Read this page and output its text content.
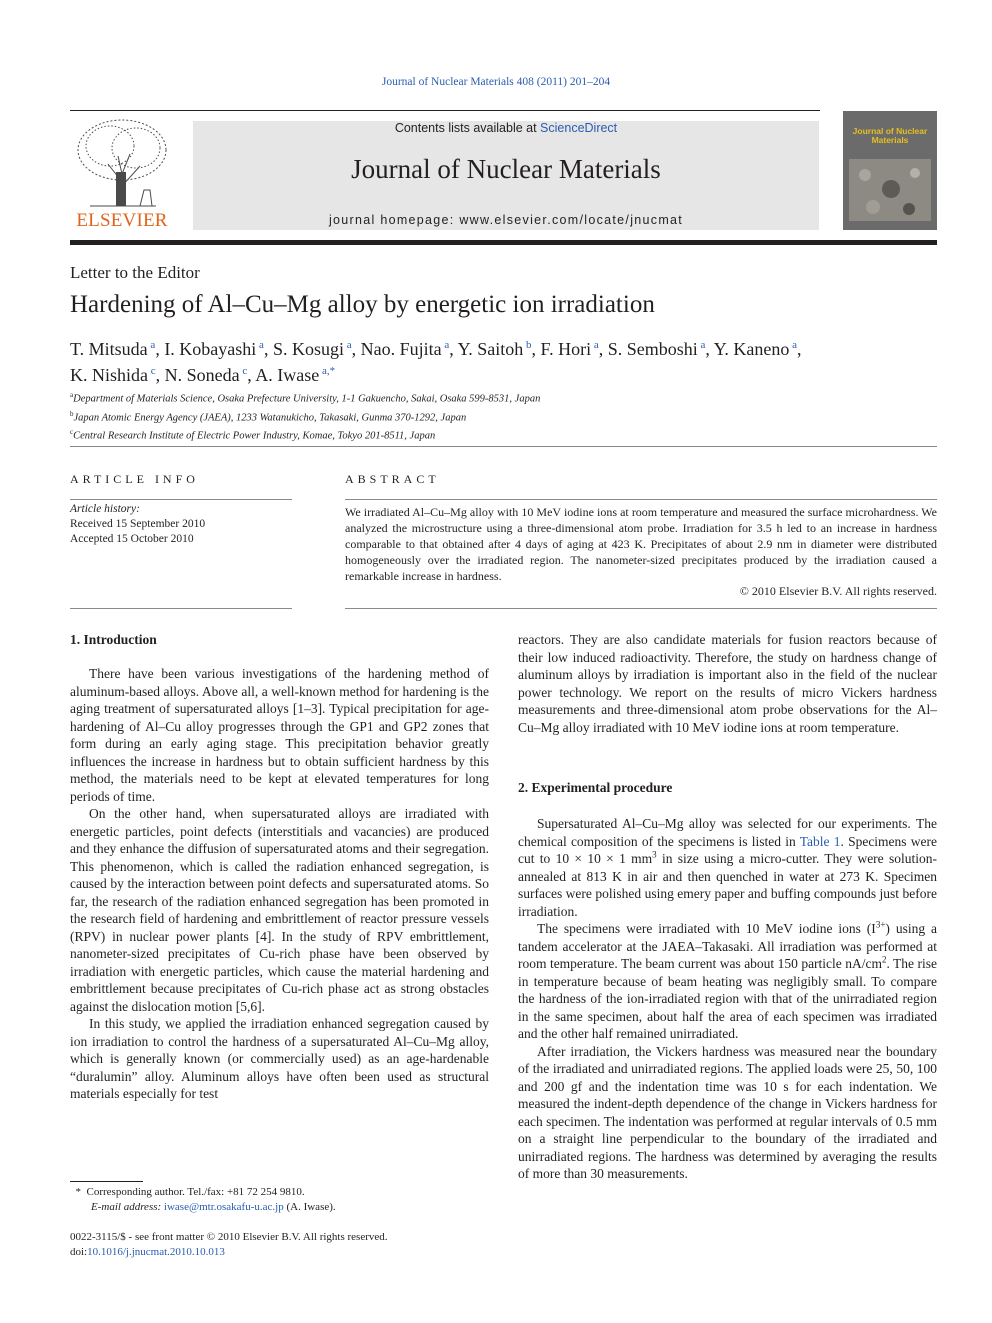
Journal of Nuclear Materials 408 (2011) 201–204
ELSEVIER
Contents lists available at ScienceDirect
Journal of Nuclear Materials
journal homepage: www.elsevier.com/locate/jnucmat
Journal of Nuclear Materials
Letter to the Editor
Hardening of Al–Cu–Mg alloy by energetic ion irradiation
T. Mitsuda $^a$, I. Kobayashi $^a$, S. Kosugi $^a$, Nao. Fujita $^a$, Y. Saitoh $^b$, F. Hori $^a$, S. Semboshi $^a$, Y. Kaneno $^a$,
K. Nishida $^c$, N. Soneda $^c$, A. Iwase $^{a,*}$
$^a$Department of Materials Science, Osaka Prefecture University, 1-1 Gakuencho, Sakai, Osaka 599-8531, Japan
$^b$Japan Atomic Energy Agency (JAEA), 1233 Watanukicho, Takasaki, Gunma 370-1292, Japan
$^c$Central Research Institute of Electric Power Industry, Komae, Tokyo 201-8511, Japan
ARTICLE INFO
Article history:
Received 15 September 2010
Accepted 15 October 2010
ABSTRACT
We irradiated Al–Cu–Mg alloy with 10 MeV iodine ions at room temperature and measured the surface microhardness. We analyzed the microstructure using a three-dimensional atom probe. Irradiation for 3.5 h led to an increase in hardness comparable to that obtained after 4 days of aging at 423 K. Precipitates of about 2.9 nm in diameter were distributed homogeneously over the irradiated region. The nanometer-sized precipitates produced by the irradiation caused a remarkable increase in hardness.
© 2010 Elsevier B.V. All rights reserved.
1. Introduction

There have been various investigations of the hardening method of aluminum-based alloys. Above all, a well-known method for hardening is the aging treatment of supersaturated alloys [1–3]. Typical precipitation for age-hardening of Al–Cu alloy progresses through the GP1 and GP2 zones that form during an early aging stage. This precipitation behavior greatly influences the increase in hardness but to obtain sufficient hardness by this method, the materials need to be kept at elevated temperatures for long periods of time.

On the other hand, when supersaturated alloys are irradiated with energetic particles, point defects (interstitials and vacancies) are produced and they enhance the diffusion of supersaturated atoms and their segregation. This phenomenon, which is called the radiation enhanced segregation, is caused by the interaction between point defects and supersaturated atoms. So far, the research of the radiation enhanced segregation has been promoted in the research field of hardening and embrittlement of reactor pressure vessels (RPV) in nuclear power plants [4]. In the study of RPV embrittlement, nanometer-sized precipitates of Cu-rich phase have been observed by irradiation with energetic particles, which cause the material hardening and embrittlement because precipitates of Cu-rich phase act as strong obstacles against the dislocation motion [5,6].

In this study, we applied the irradiation enhanced segregation caused by ion irradiation to control the hardness of a supersaturated Al–Cu–Mg alloy, which is generally known (or commercially used) as an age-hardenable “duralumin” alloy. Aluminum alloys have often been used as structural materials especially for test

reactors. They are also candidate materials for fusion reactors because of their low induced radioactivity. Therefore, the study on hardness change of aluminum alloys by irradiation is important also in the field of the nuclear power technology. We report on the results of micro Vickers hardness measurements and three-dimensional atom probe observations for the Al–Cu–Mg alloy irradiated with 10 MeV iodine ions at room temperature.

2. Experimental procedure

Supersaturated Al–Cu–Mg alloy was selected for our experiments. The chemical composition of the specimens is listed in Table 1. Specimens were cut to 10 × 10 × 1 $mm^3$ in size using a micro-cutter. They were solution-annealed at 813 K in air and then quenched in water at 273 K. Specimen surfaces were polished using emery paper and buffing compounds just before irradiation.

The specimens were irradiated with 10 MeV iodine ions $(I^{3+})$ using a tandem accelerator at the JAEA–Takasaki. All irradiation was performed at room temperature. The beam current was about 150 particle $nA/cm^2$. The rise in temperature because of beam heating was negligibly small. To compare the hardness of the ion-irradiated region with that of the unirradiated region in the same specimen, about half the area of each specimen was irradiated and the other half remained unirradiated.

After irradiation, the Vickers hardness was measured near the boundary of the irradiated and unirradiated regions. The applied loads were 25, 50, 100 and 200 gf and the indentation time was 10 s for each indentation. We measured the indent-depth dependence of the change in Vickers hardness for each specimen. The indentation was performed at regular intervals of 0.5 mm on a straight line perpendicular to the boundary of the irradiated and unirradiated regions. The hardness was determined by averaging the results of more than 30 measurements.

* Corresponding author. Tel./fax: +81 72 254 9810.
E-mail address: iwase@mtr.osakafu-u.ac.jp (A. Iwase).
0022-3115/$ - see front matter © 2010 Elsevier B.V. All rights reserved.
doi:10.1016/j.jnucmat.2010.10.013
